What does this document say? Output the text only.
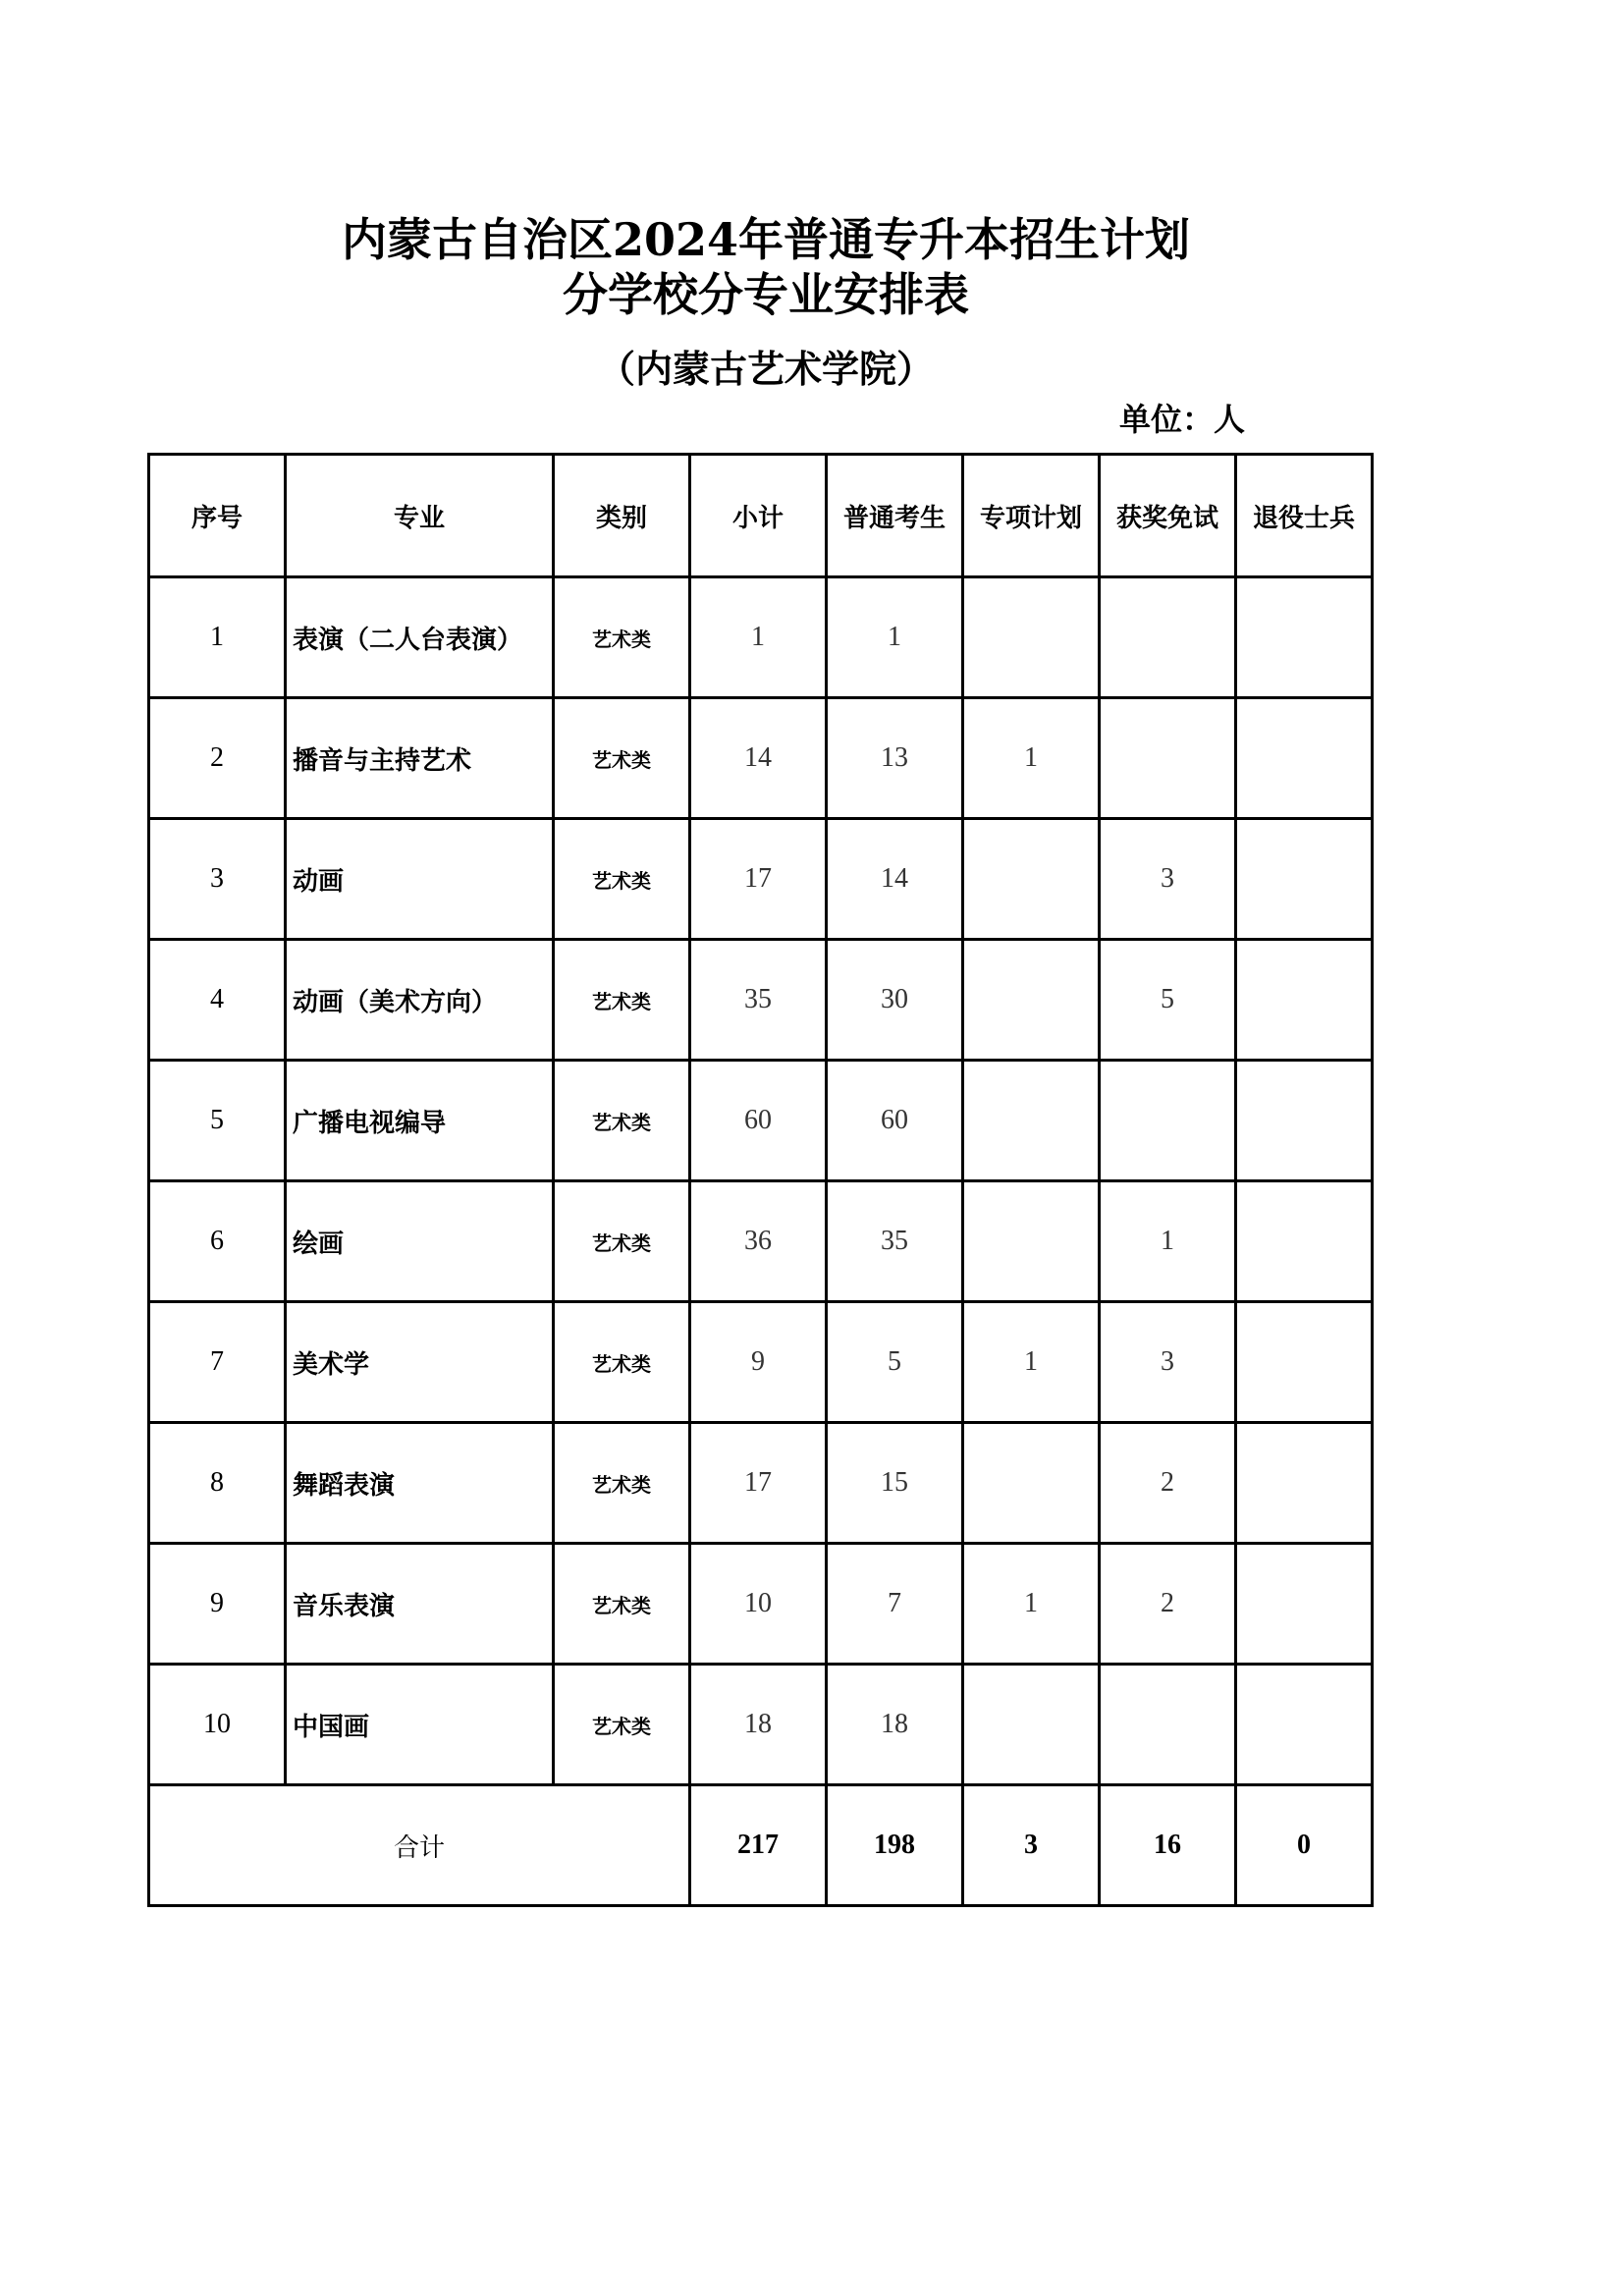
内蒙古自治区2024年普通专升本招生计划
分学校分专业安排表
（内蒙古艺术学院）
单位：人
序号	专业	类别	小计	普通考生	专项计划	获奖免试	退役士兵
1	表演（二人台表演）	艺术类	1	1			
2	播音与主持艺术	艺术类	14	13	1		
3	动画	艺术类	17	14		3	
4	动画（美术方向）	艺术类	35	30		5	
5	广播电视编导	艺术类	60	60			
6	绘画	艺术类	36	35		1	
7	美术学	艺术类	9	5	1	3	
8	舞蹈表演	艺术类	17	15		2	
9	音乐表演	艺术类	10	7	1	2	
10	中国画	艺术类	18	18			
合计			217	198	3	16	0
